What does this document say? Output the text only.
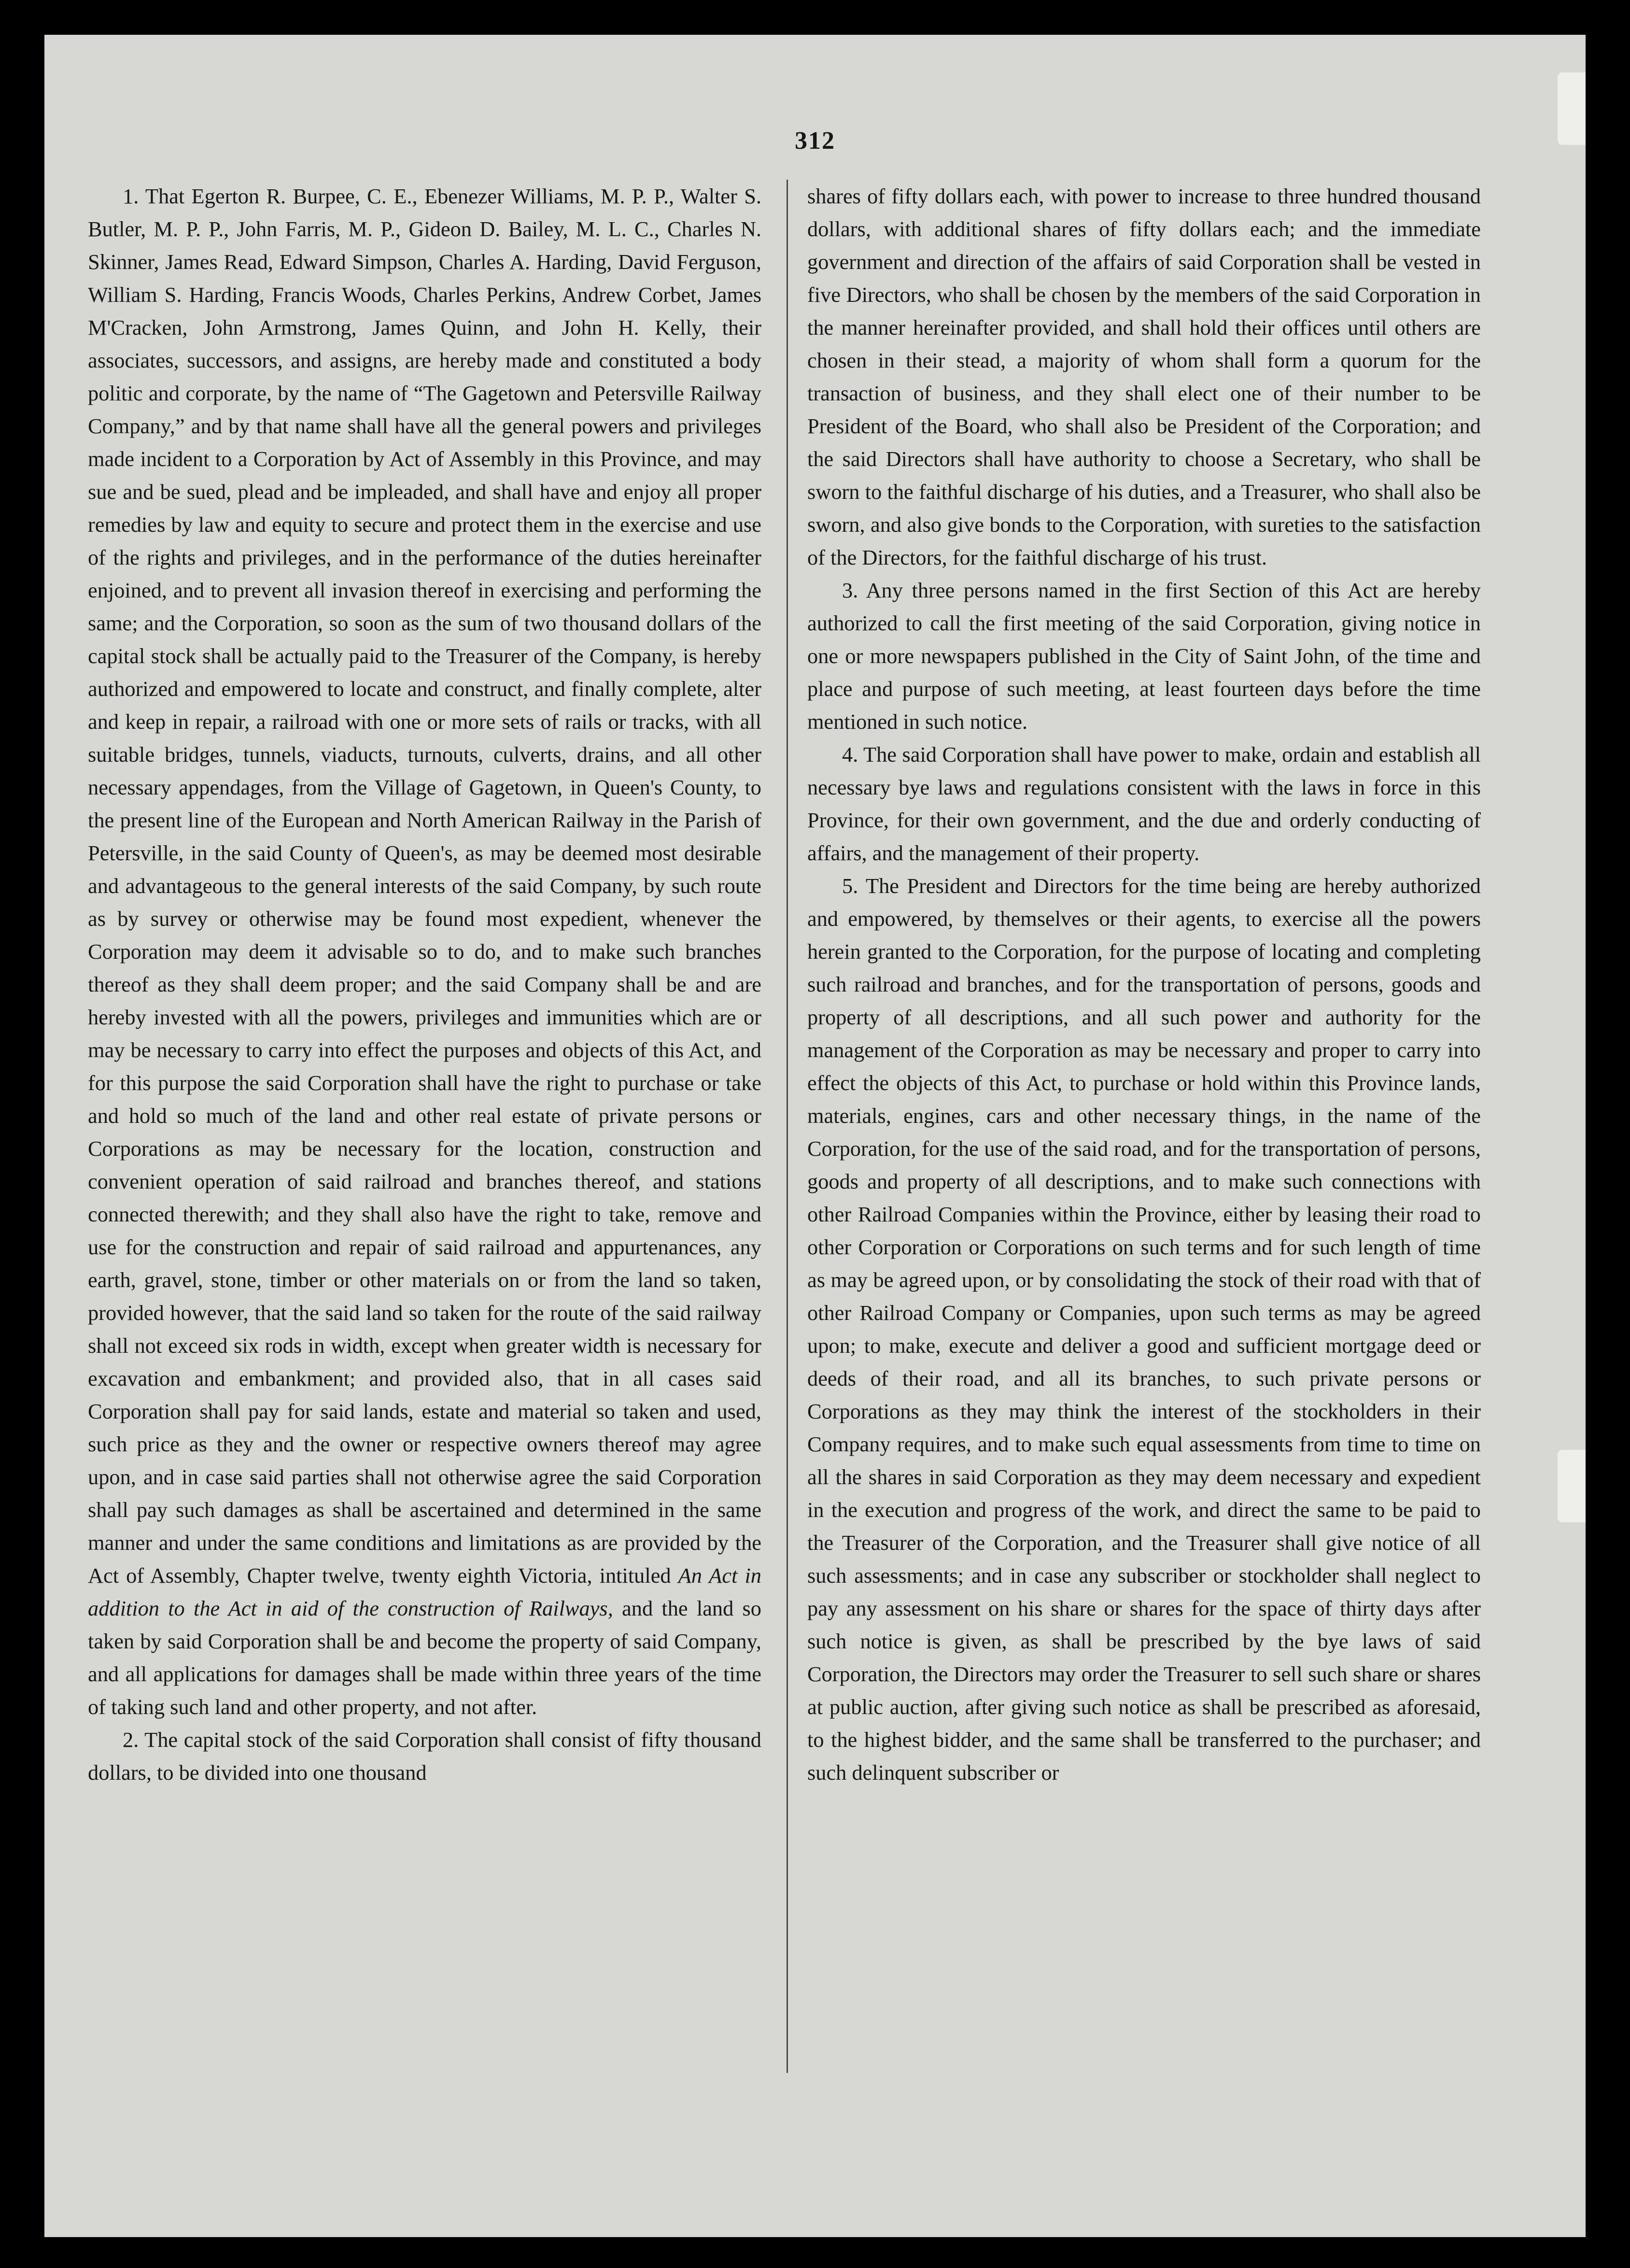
312

1. That Egerton R. Burpee, C. E., Ebenezer Williams, M. P. P., Walter S. Butler, M. P. P., John Farris, M. P., Gideon D. Bailey, M. L. C., Charles N. Skinner, James Read, Edward Simpson, Charles A. Harding, David Ferguson, William S. Harding, Francis Woods, Charles Perkins, Andrew Corbet, James M'Cracken, John Armstrong, James Quinn, and John H. Kelly, their associates, successors, and assigns, are hereby made and constituted a body politic and corporate, by the name of “The Gagetown and Petersville Railway Company,” and by that name shall have all the general powers and privileges made incident to a Corporation by Act of Assembly in this Province, and may sue and be sued, plead and be impleaded, and shall have and enjoy all proper remedies by law and equity to secure and protect them in the exercise and use of the rights and privileges, and in the performance of the duties hereinafter enjoined, and to prevent all invasion thereof in exercising and performing the same; and the Corporation, so soon as the sum of two thousand dollars of the capital stock shall be actually paid to the Treasurer of the Company, is hereby authorized and empowered to locate and construct, and finally complete, alter and keep in repair, a railroad with one or more sets of rails or tracks, with all suitable bridges, tunnels, viaducts, turnouts, culverts, drains, and all other necessary appendages, from the Village of Gagetown, in Queen's County, to the present line of the European and North American Railway in the Parish of Petersville, in the said County of Queen's, as may be deemed most desirable and advantageous to the general interests of the said Company, by such route as by survey or otherwise may be found most expedient, whenever the Corporation may deem it advisable so to do, and to make such branches thereof as they shall deem proper; and the said Company shall be and are hereby invested with all the powers, privileges and immunities which are or may be necessary to carry into effect the purposes and objects of this Act, and for this purpose the said Corporation shall have the right to purchase or take and hold so much of the land and other real estate of private persons or Corporations as may be necessary for the location, construction and convenient operation of said railroad and branches thereof, and stations connected therewith; and they shall also have the right to take, remove and use for the construction and repair of said railroad and appurtenances, any earth, gravel, stone, timber or other materials on or from the land so taken, provided however, that the said land so taken for the route of the said railway shall not exceed six rods in width, except when greater width is necessary for excavation and embankment; and provided also, that in all cases said Corporation shall pay for said lands, estate and material so taken and used, such price as they and the owner or respective owners thereof may agree upon, and in case said parties shall not otherwise agree the said Corporation shall pay such damages as shall be ascertained and determined in the same manner and under the same conditions and limitations as are provided by the Act of Assembly, Chapter twelve, twenty eighth Victoria, intituled An Act in addition to the Act in aid of the construction of Railways, and the land so taken by said Corporation shall be and become the property of said Company, and all applications for damages shall be made within three years of the time of taking such land and other property, and not after.

2. The capital stock of the said Corporation shall consist of fifty thousand dollars, to be divided into one thousand

shares of fifty dollars each, with power to increase to three hundred thousand dollars, with additional shares of fifty dollars each; and the immediate government and direction of the affairs of said Corporation shall be vested in five Directors, who shall be chosen by the members of the said Corporation in the manner hereinafter provided, and shall hold their offices until others are chosen in their stead, a majority of whom shall form a quorum for the transaction of business, and they shall elect one of their number to be President of the Board, who shall also be President of the Corporation; and the said Directors shall have authority to choose a Secretary, who shall be sworn to the faithful discharge of his duties, and a Treasurer, who shall also be sworn, and also give bonds to the Corporation, with sureties to the satisfaction of the Directors, for the faithful discharge of his trust.

3. Any three persons named in the first Section of this Act are hereby authorized to call the first meeting of the said Corporation, giving notice in one or more newspapers published in the City of Saint John, of the time and place and purpose of such meeting, at least fourteen days before the time mentioned in such notice.

4. The said Corporation shall have power to make, ordain and establish all necessary bye laws and regulations consistent with the laws in force in this Province, for their own government, and the due and orderly conducting of affairs, and the management of their property.

5. The President and Directors for the time being are hereby authorized and empowered, by themselves or their agents, to exercise all the powers herein granted to the Corporation, for the purpose of locating and completing such railroad and branches, and for the transportation of persons, goods and property of all descriptions, and all such power and authority for the management of the Corporation as may be necessary and proper to carry into effect the objects of this Act, to purchase or hold within this Province lands, materials, engines, cars and other necessary things, in the name of the Corporation, for the use of the said road, and for the transportation of persons, goods and property of all descriptions, and to make such connections with other Railroad Companies within the Province, either by leasing their road to other Corporation or Corporations on such terms and for such length of time as may be agreed upon, or by consolidating the stock of their road with that of other Railroad Company or Companies, upon such terms as may be agreed upon; to make, execute and deliver a good and sufficient mortgage deed or deeds of their road, and all its branches, to such private persons or Corporations as they may think the interest of the stockholders in their Company requires, and to make such equal assessments from time to time on all the shares in said Corporation as they may deem necessary and expedient in the execution and progress of the work, and direct the same to be paid to the Treasurer of the Corporation, and the Treasurer shall give notice of all such assessments; and in case any subscriber or stockholder shall neglect to pay any assessment on his share or shares for the space of thirty days after such notice is given, as shall be prescribed by the bye laws of said Corporation, the Directors may order the Treasurer to sell such share or shares at public auction, after giving such notice as shall be prescribed as aforesaid, to the highest bidder, and the same shall be transferred to the purchaser; and such delinquent subscriber or
